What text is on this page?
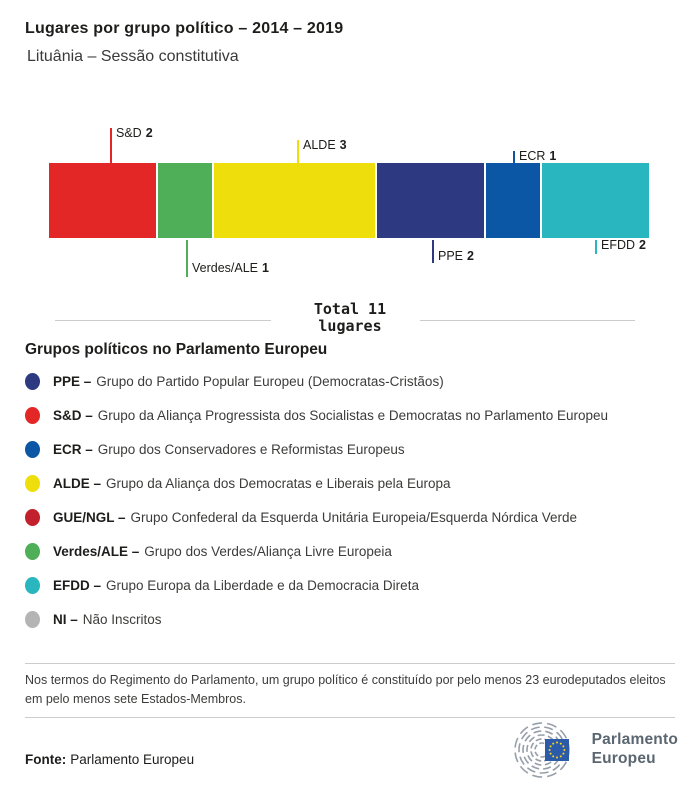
Lugares por grupo político – 2014 – 2019
Lituânia – Sessão constitutiva
S&D 2
ALDE 3
ECR 1
Verdes/ALE 1
PPE 2
EFDD 2
Total 11
lugares
Grupos políticos no Parlamento Europeu
PPE – Grupo do Partido Popular Europeu (Democratas-Cristãos)
S&D – Grupo da Aliança Progressista dos Socialistas e Democratas no Parlamento Europeu
ECR – Grupo dos Conservadores e Reformistas Europeus
ALDE – Grupo da Aliança dos Democratas e Liberais pela Europa
GUE/NGL – Grupo Confederal da Esquerda Unitária Europeia/Esquerda Nórdica Verde
Verdes/ALE – Grupo dos Verdes/Aliança Livre Europeia
EFDD – Grupo Europa da Liberdade e da Democracia Direta
NI – Não Inscritos
Nos termos do Regimento do Parlamento, um grupo político é constituído por pelo menos 23 eurodeputados eleitos em pelo menos sete Estados-Membros.
Fonte: Parlamento Europeu
Parlamento
Europeu
